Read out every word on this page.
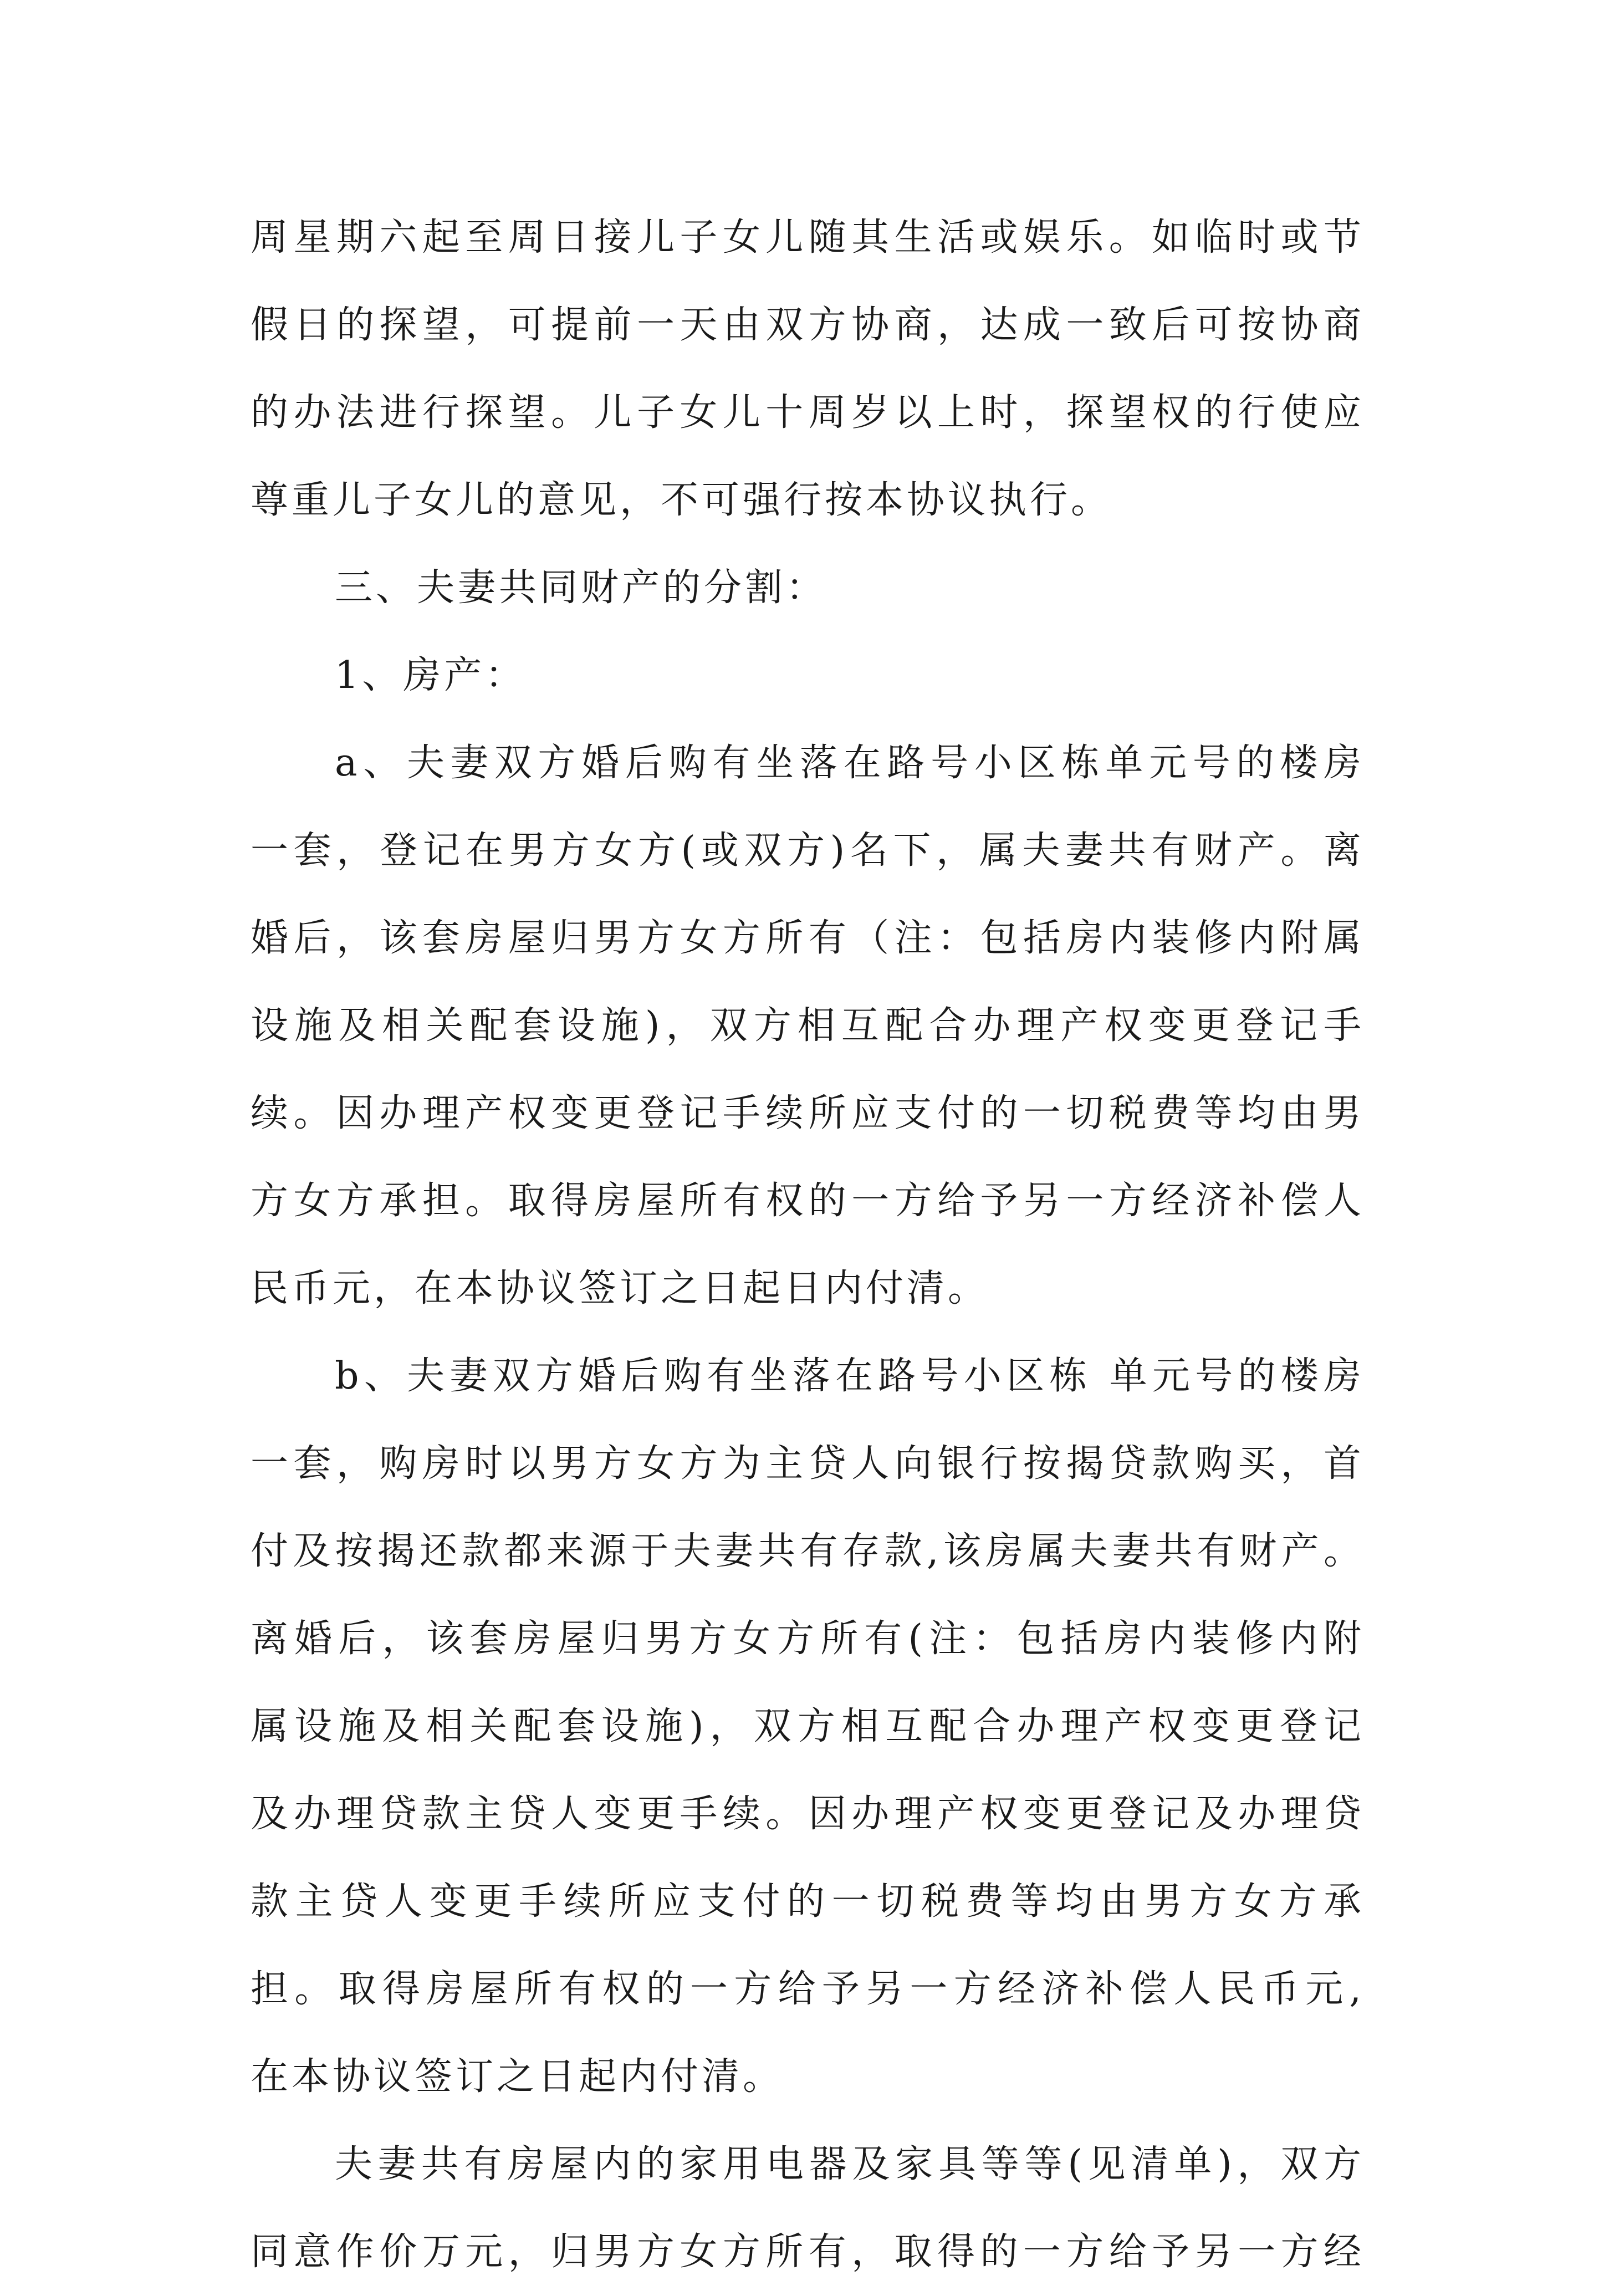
周星期六起至周日接儿子女儿随其生活或娱乐。如临时或节
假日的探望，可提前一天由双方协商，达成一致后可按协商
的办法进行探望。儿子女儿十周岁以上时，探望权的行使应
尊重儿子女儿的意见，不可强行按本协议执行。
三、夫妻共同财产的分割：
1、房产：
a、夫妻双方婚后购有坐落在路号小区栋单元号的楼房
一套，登记在男方女方(或双方)名下，属夫妻共有财产。离
婚后，该套房屋归男方女方所有（注：包括房内装修内附属
设施及相关配套设施)，双方相互配合办理产权变更登记手
续。因办理产权变更登记手续所应支付的一切税费等均由男
方女方承担。取得房屋所有权的一方给予另一方经济补偿人
民币元，在本协议签订之日起日内付清。
b、夫妻双方婚后购有坐落在路号小区栋 单元号的楼房
一套，购房时以男方女方为主贷人向银行按揭贷款购买，首
付及按揭还款都来源于夫妻共有存款,该房属夫妻共有财产。
离婚后，该套房屋归男方女方所有(注：包括房内装修内附
属设施及相关配套设施)，双方相互配合办理产权变更登记
及办理贷款主贷人变更手续。因办理产权变更登记及办理贷
款主贷人变更手续所应支付的一切税费等均由男方女方承
担。取得房屋所有权的一方给予另一方经济补偿人民币元,
在本协议签订之日起内付清。
夫妻共有房屋内的家用电器及家具等等(见清单)，双方
同意作价万元，归男方女方所有，取得的一方给予另一方经
